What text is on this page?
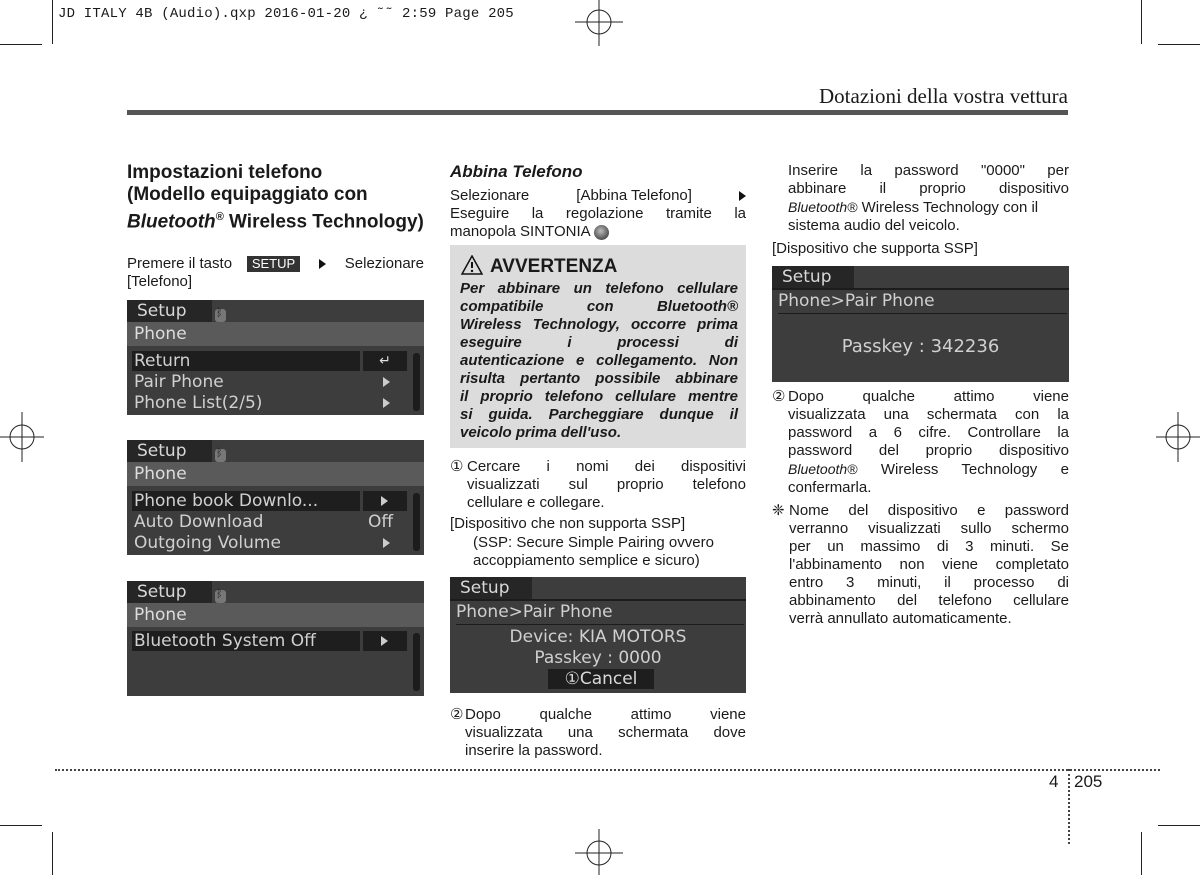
JD ITALY 4B (Audio).qxp 2016-01-20 ¿ ˜˜ 2:59 Page 205
Dotazioni della vostra vettura
Impostazioni telefono
(Modello equipaggiato con
Bluetooth® Wireless Technology)
Premere il tasto	SETUP	Selezionare
[Telefono]
Setup
ᛒ
Phone
Return	↵
Pair Phone
Phone List(2/5)
Setup
ᛒ
Phone
Phone book Downlo...
Auto Download	Off
Outgoing Volume
Setup
ᛒ
Phone
Bluetooth System Off
Abbina Telefono
Selezionare	[Abbina Telefono]
Eseguire la regolazione tramite la
manopola SINTONIA
AVVERTENZA
Per abbinare un telefono cellulare
compatibile con Bluetooth®
Wireless Technology, occorre prima
eseguire i processi di
autenticazione e collegamento. Non
risulta pertanto possibile abbinare
il proprio telefono cellulare mentre
si guida. Parcheggiare dunque il
veicolo prima dell'uso.
① Cercare i nomi dei dispositivi
visualizzati sul proprio telefono
cellulare e collegare.
[Dispositivo che non supporta SSP]
(SSP: Secure Simple Pairing ovvero
accoppiamento semplice e sicuro)
Setup
Phone>Pair Phone
Device: KIA MOTORS
Passkey : 0000
①Cancel
② Dopo qualche attimo viene
visualizzata una schermata dove
inserire la password.
Inserire la password "0000" per
abbinare il proprio dispositivo
Bluetooth® Wireless Technology con il
sistema audio del veicolo.
[Dispositivo che supporta SSP]
Setup
Phone>Pair Phone
Passkey : 342236
② Dopo qualche attimo viene
visualizzata una schermata con la
password a 6 cifre. Controllare la
password del proprio dispositivo
Bluetooth® Wireless Technology e
confermarla.
❈ Nome del dispositivo e password
verranno visualizzati sullo schermo
per un massimo di 3 minuti. Se
l'abbinamento non viene completato
entro 3 minuti, il processo di
abbinamento del telefono cellulare
verrà annullato automaticamente.
4 205
